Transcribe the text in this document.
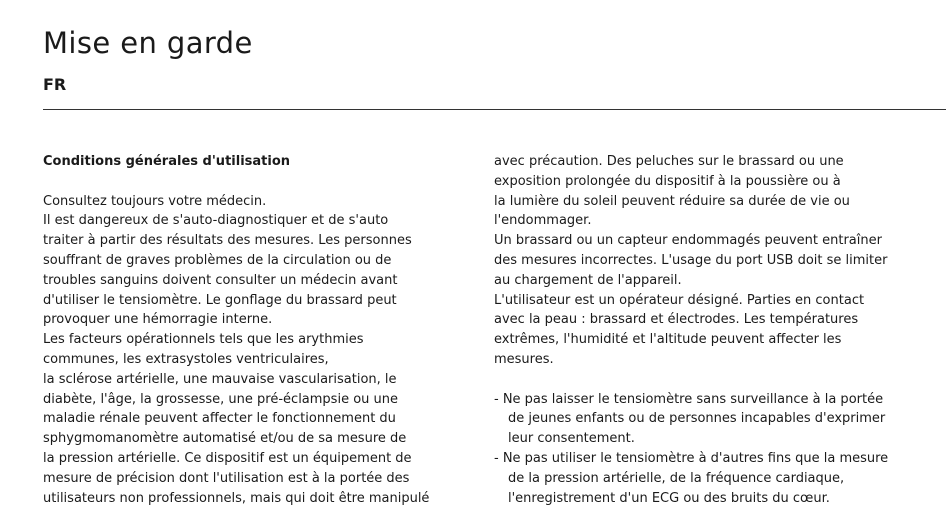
Mise en garde
FR
Conditions générales d'utilisation
Consultez toujours votre médecin.
Il est dangereux de s'auto-diagnostiquer et de s'auto
traiter à partir des résultats des mesures. Les personnes
souffrant de graves problèmes de la circulation ou de
troubles sanguins doivent consulter un médecin avant
d'utiliser le tensiomètre. Le gonflage du brassard peut
provoquer une hémorragie interne.
Les facteurs opérationnels tels que les arythmies
communes, les extrasystoles ventriculaires,
la sclérose artérielle, une mauvaise vascularisation, le
diabète, l'âge, la grossesse, une pré-éclampsie ou une
maladie rénale peuvent affecter le fonctionnement du
sphygmomanomètre automatisé et/ou de sa mesure de
la pression artérielle. Ce dispositif est un équipement de
mesure de précision dont l'utilisation est à la portée des
utilisateurs non professionnels, mais qui doit être manipulé
avec précaution. Des peluches sur le brassard ou une
exposition prolongée du dispositif à la poussière ou à
la lumière du soleil peuvent réduire sa durée de vie ou
l'endommager.
Un brassard ou un capteur endommagés peuvent entraîner
des mesures incorrectes. L'usage du port USB doit se limiter
au chargement de l'appareil.
L'utilisateur est un opérateur désigné. Parties en contact
avec la peau : brassard et électrodes. Les températures
extrêmes, l'humidité et l'altitude peuvent affecter les
mesures.
- Ne pas laisser le tensiomètre sans surveillance à la portée
de jeunes enfants ou de personnes incapables d'exprimer
leur consentement.
- Ne pas utiliser le tensiomètre à d'autres fins que la mesure
de la pression artérielle, de la fréquence cardiaque,
l'enregistrement d'un ECG ou des bruits du cœur.
